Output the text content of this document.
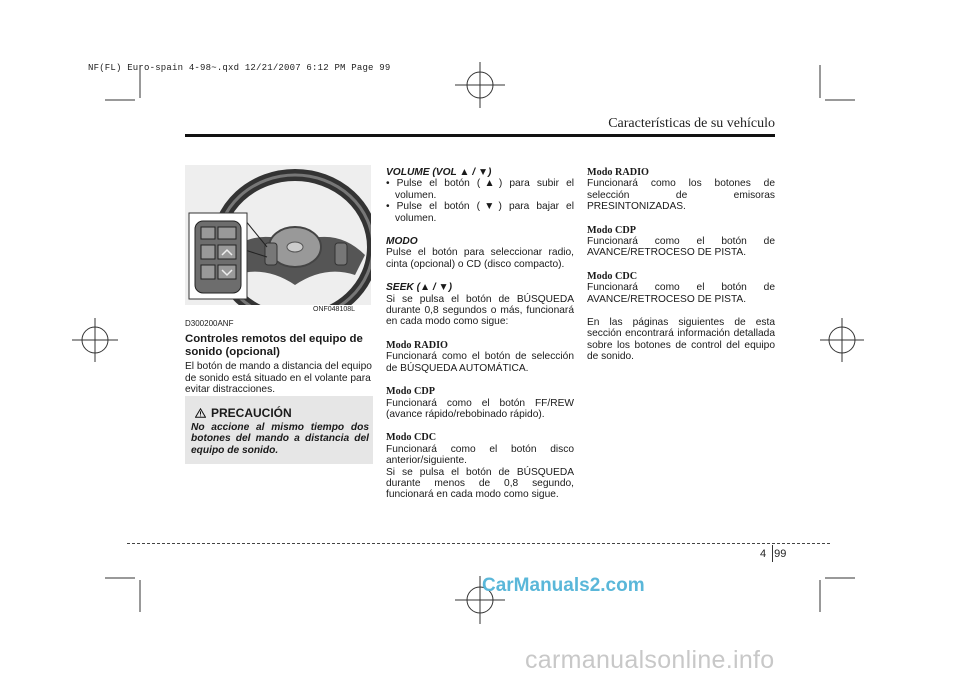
NF(FL) Euro-spain 4-98~.qxd 12/21/2007 6:12 PM Page 99
Características de su vehículo
ONF048108L

D300200ANF

Controles remotos del equipo de sonido (opcional)

El botón de mando a distancia del equipo de sonido está situado en el volante para evitar distracciones.

PRECAUCIÓN
No accione al mismo tiempo dos botones del mando a distancia del equipo de sonido.

VOLUME (VOL ▲ / ▼)

• Pulse el botón (▲) para subir el volumen.

• Pulse el botón (▼) para bajar el volumen.

MODO

Pulse el botón para seleccionar radio, cinta (opcional) o CD (disco compacto).

SEEK (▲ / ▼)

Si se pulsa el botón de BÚSQUEDA durante 0,8 segundos o más, funcionará en cada modo como sigue:

Modo RADIO

Funcionará como el botón de selección de BÚSQUEDA AUTOMÁTICA.

Modo CDP

Funcionará como el botón FF/REW (avance rápido/rebobinado rápido).

Modo CDC

Funcionará como el botón disco anterior/siguiente.

Si se pulsa el botón de BÚSQUEDA durante menos de 0,8 segundo, funcionará en cada modo como sigue.

Modo RADIO

Funcionará como los botones de selección de emisoras PRESINTONIZADAS.

Modo CDP

Funcionará como el botón de AVANCE/RETROCESO DE PISTA.

Modo CDC

Funcionará como el botón de AVANCE/RETROCESO DE PISTA.

En las páginas siguientes de esta sección encontrará información detallada sobre los botones de control del equipo de sonido.

4 99
CarManuals2.com
carmanualsonline.info
